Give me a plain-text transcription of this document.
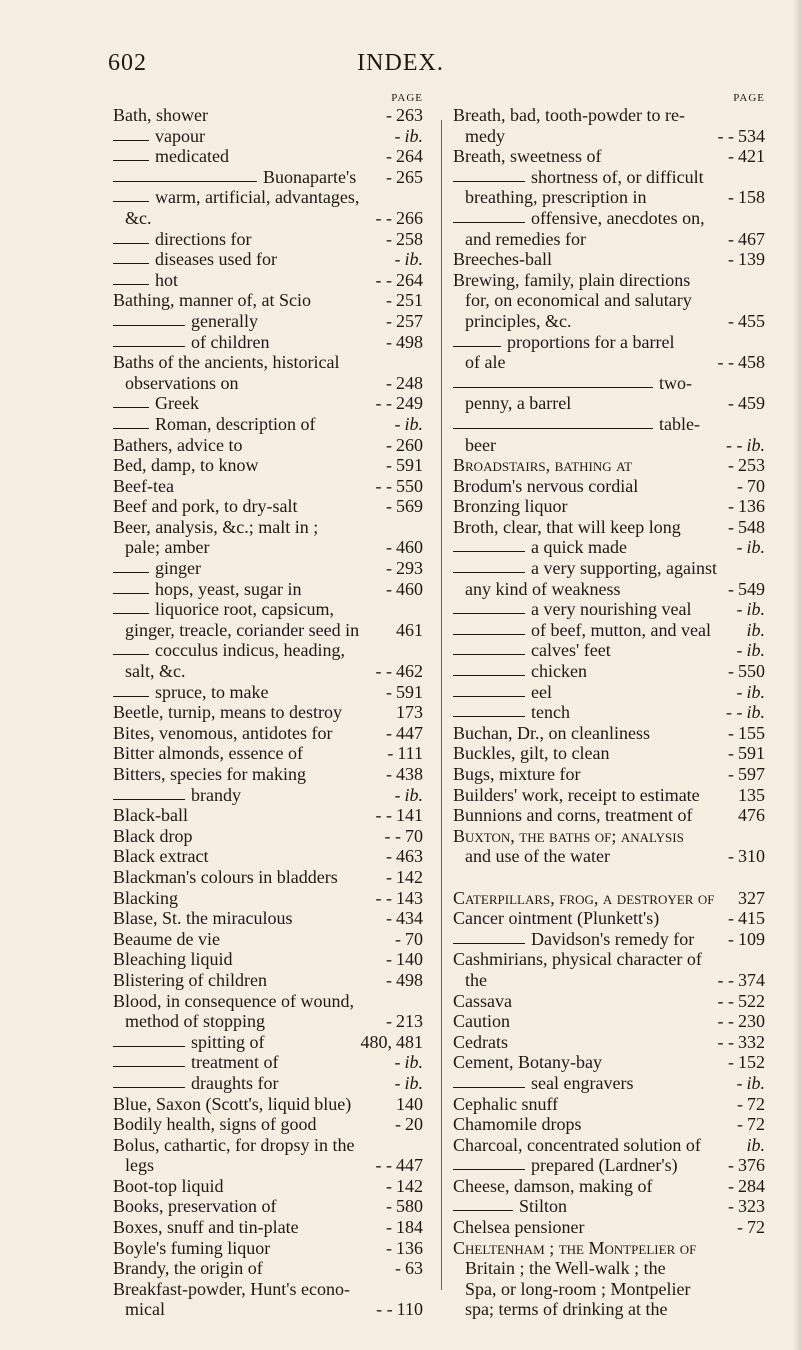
602	INDEX.
PAGE
Bath, shower	- 263
vapour	- ib.
medicated	- 264
Buonaparte's	- 265
warm, artificial, advantages,
&c.	- - 266
directions for	- 258
diseases used for	- ib.
hot	- - 264
Bathing, manner of, at Scio	- 251
generally	- 257
of children	- 498
Baths of the ancients, historical
observations on	- 248
Greek	- - 249
Roman, description of	- ib.
Bathers, advice to	- 260
Bed, damp, to know	- 591
Beef-tea	- - 550
Beef and pork, to dry-salt	- 569
Beer, analysis, &c.; malt in ;
pale; amber	- 460
ginger	- 293
hops, yeast, sugar in	- 460
liquorice root, capsicum,
ginger, treacle, coriander seed in 461
cocculus indicus, heading,
salt, &c.	- - 462
spruce, to make	- 591
Beetle, turnip, means to destroy	173
Bites, venomous, antidotes for	- 447
Bitter almonds, essence of	- 111
Bitters, species for making	- 438
brandy	- ib.
Black-ball	- - 141
Black drop	- - 70
Black extract	- 463
Blackman's colours in bladders	- 142
Blacking	- - 143
Blase, St. the miraculous	- 434
Beaume de vie	- 70
Bleaching liquid	- 140
Blistering of children	- 498
Blood, in consequence of wound,
method of stopping	- 213
spitting of	480, 481
treatment of	- ib.
draughts for	- ib.
Blue, Saxon (Scott's, liquid blue) 140
Bodily health, signs of good	- 20
Bolus, cathartic, for dropsy in the
legs	- - 447
Boot-top liquid	- 142
Books, preservation of	- 580
Boxes, snuff and tin-plate	- 184
Boyle's fuming liquor	- 136
Brandy, the origin of	- 63
Breakfast-powder, Hunt's econo-
mical	- - 110
PAGE
Breath, bad, tooth-powder to re-
medy	- - 534
Breath, sweetness of	- 421
shortness of, or difficult
breathing, prescription in	- 158
offensive, anecdotes on,
and remedies for	- 467
Breeches-ball	- 139
Brewing, family, plain directions
for, on economical and salutary
principles, &c.	- 455
proportions for a barrel
of ale	- - 458
two-
penny, a barrel	- 459
table-
beer	- - ib.
Broadstairs, bathing at	- 253
Brodum's nervous cordial	- 70
Bronzing liquor	- 136
Broth, clear, that will keep long	- 548
a quick made	- ib.
a very supporting, against
any kind of weakness	- 549
a very nourishing veal	- ib.
of beef, mutton, and veal ib.
calves' feet	- ib.
chicken	- 550
eel	- ib.
tench	- - ib.
Buchan, Dr., on cleanliness	- 155
Buckles, gilt, to clean	- 591
Bugs, mixture for	- 597
Builders' work, receipt to estimate 135
Bunnions and corns, treatment of	476
Buxton, the baths of; analysis
and use of the water	- 310
Caterpillars, frog, a destroyer of 327
Cancer ointment (Plunkett's)	- 415
Davidson's remedy for	- 109
Cashmirians, physical character of
the	- - 374
Cassava	- - 522
Caution	- - 230
Cedrats	- - 332
Cement, Botany-bay	- 152
seal engravers	- ib.
Cephalic snuff	- 72
Chamomile drops	- 72
Charcoal, concentrated solution of	ib.
prepared (Lardner's)	- 376
Cheese, damson, making of	- 284
Stilton	- 323
Chelsea pensioner	- 72
Cheltenham ; the Montpelier of
Britain ; the Well-walk ; the
Spa, or long-room ; Montpelier
spa; terms of drinking at the
